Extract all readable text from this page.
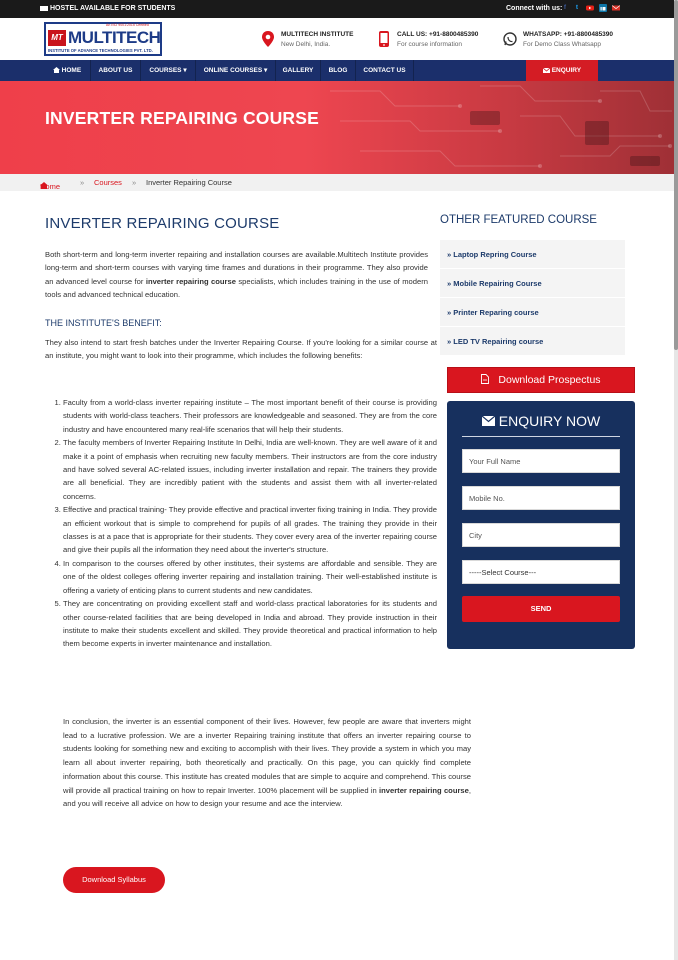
HOSTEL AVAILABLE FOR STUDENTS	Connect with us: f	t
An ISO 9001:2015 Certified
MT MULTITECH
INSTITUTE OF ADVANCE TECHNOLOGIES PVT. LTD.
MULTITECH INSTITUTE
New Delhi, India.
CALL US: +91-8800485390
For course information
WHATSAPP: +91-8800485390
For Demo Class Whatsapp
HOME	ABOUT US	COURSES ▾	ONLINE COURSES ▾	GALLERY	BLOG	CONTACT US	ENQUIRY
INVERTER REPAIRING COURSE
Home	» Courses » Inverter Repairing Course
INVERTER REPAIRING COURSE

Both short-term and long-term inverter repairing and installation courses are available.Multitech Institute provides long-term and short-term courses with varying time frames and durations in their programme. They also provide an advanced level course for inverter repairing course specialists, which includes training in the use of modern tools and advanced technical education.

THE INSTITUTE'S BENEFIT:

They also intend to start fresh batches under the Inverter Repairing Course. If you're looking for a similar course at an institute, you might want to look into their programme, which includes the following benefits:

1. Faculty from a world-class inverter repairing institute – The most important benefit of their course is providing students with world-class teachers. Their professors are knowledgeable and seasoned. They are from the core industry and have encountered many real-life scenarios that will help their students.
2. The faculty members of Inverter Repairing Institute In Delhi, India are well-known. They are well aware of it and make it a point of emphasis when recruiting new faculty members. Their instructors are from the core industry and have solved several AC-related issues, including inverter installation and repair. The trainers they provide are all beneficial. They are incredibly patient with the students and assist them with all inverter-related concerns.
3. Effective and practical training- They provide effective and practical inverter fixing training in India. They provide an efficient workout that is simple to comprehend for pupils of all grades. The training they provide in their classes is at a pace that is appropriate for their students. They cover every area of the inverter repairing course and give their pupils all the information they need about the inverter's structure.
4. In comparison to the courses offered by other institutes, their systems are affordable and sensible. They are one of the oldest colleges offering inverter repairing and installation training. Their well-established institute is offering a variety of enticing plans to current students and new candidates.
5. They are concentrating on providing excellent staff and world-class practical laboratories for its students and other course-related facilities that are being developed in India and abroad. They provide instruction in their institute to make their students excellent and skilled. They provide theoretical and practical information to help them become experts in inverter maintenance and installation.

In conclusion, the inverter is an essential component of their lives. However, few people are aware that inverters might lead to a lucrative profession. We are a inverter Repairing training institute that offers an inverter repairing course to students looking for something new and exciting to accomplish with their lives. They provide a system in which you may learn all about inverter repairing, both theoretically and practically. On this page, you can quickly find complete information about this course. This institute has created modules that are simple to acquire and comprehend. This course will provide all practical training on how to repair Inverter. 100% placement will be supplied in inverter repairing course, and you will receive all advice on how to design your resume and ace the interview.

Download Syllabus
OTHER FEATURED COURSE
» Laptop Repring Course
» Mobile Repairing Course
» Printer Reparing course
» LED TV Repairing course
Download Prospectus
ENQUIRY NOW
Your Full Name
Mobile No.
City
-----Select Course---
SEND
